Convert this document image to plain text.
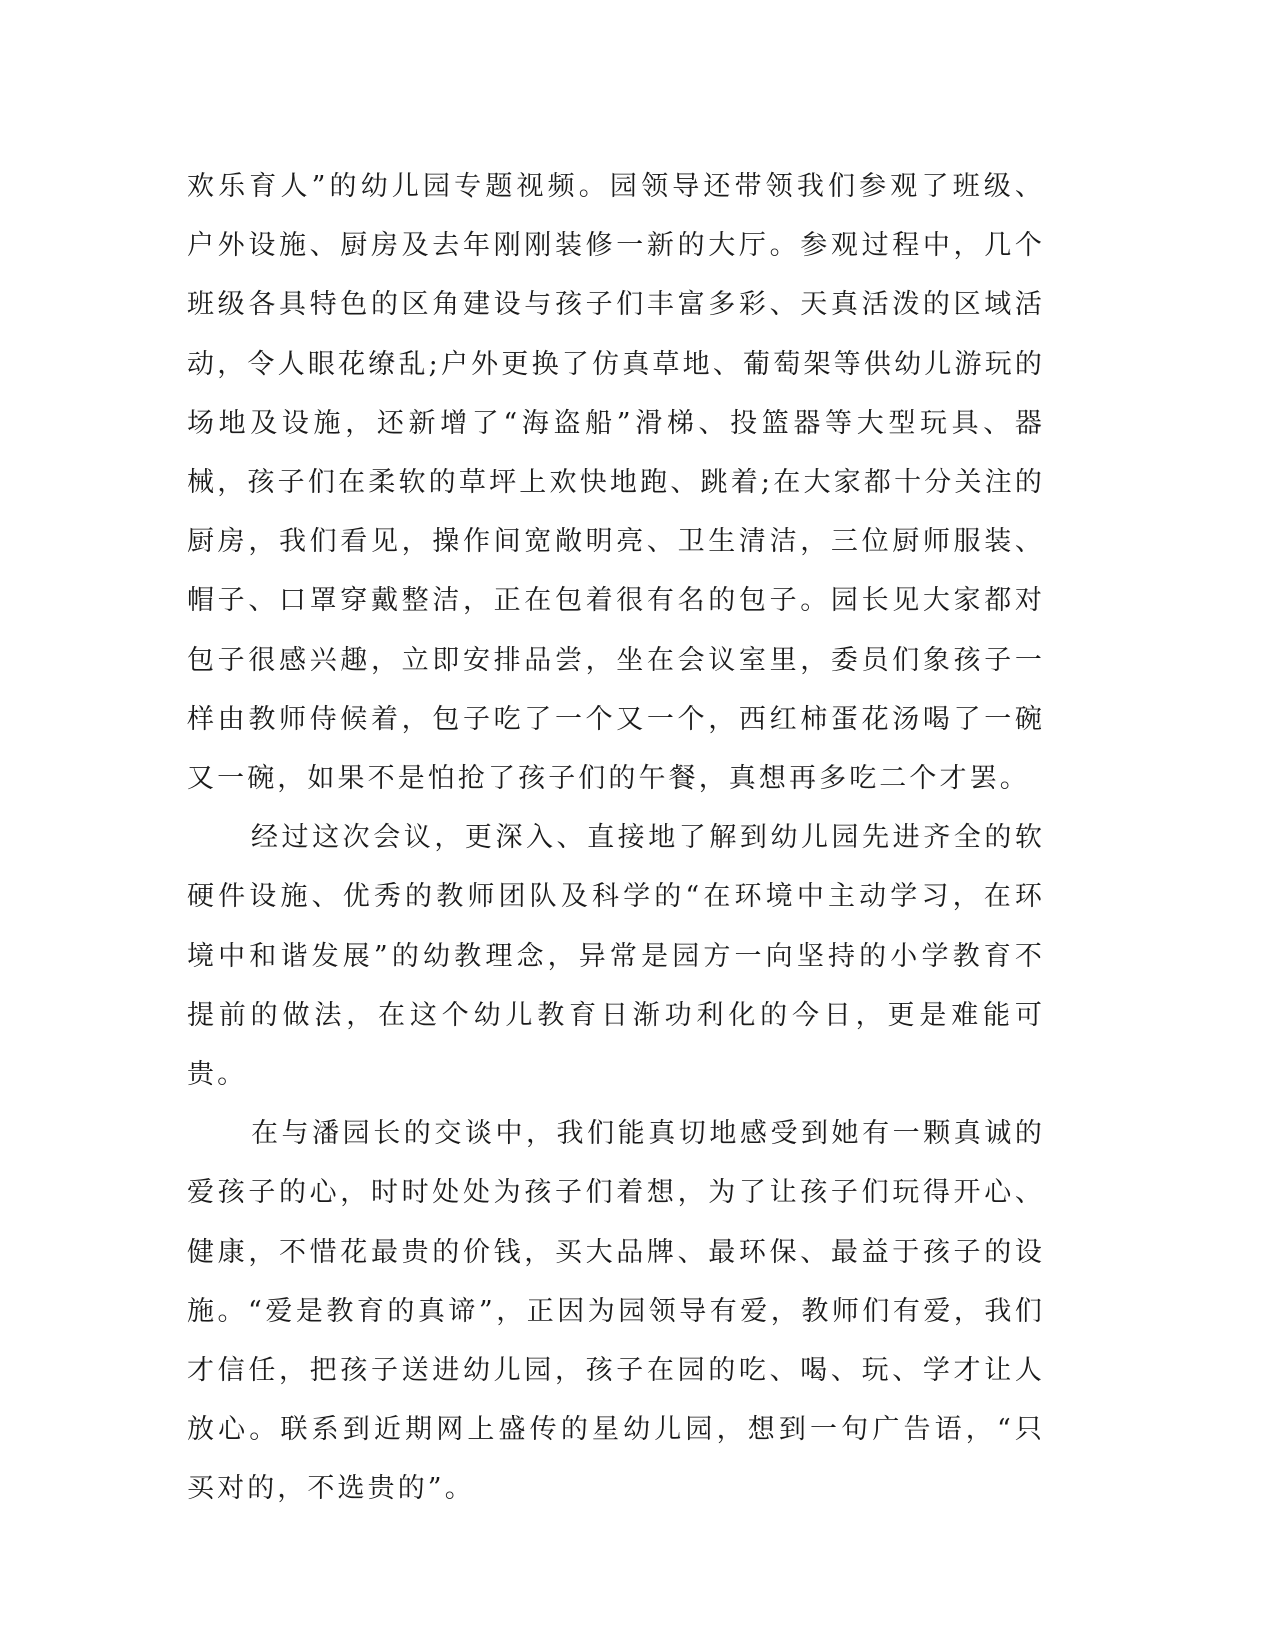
欢乐育人”的幼儿园专题视频。园领导还带领我们参观了班级、户外设施、厨房及去年刚刚装修一新的大厅。参观过程中，几个班级各具特色的区角建设与孩子们丰富多彩、天真活泼的区域活动，令人眼花缭乱;户外更换了仿真草地、葡萄架等供幼儿游玩的场地及设施，还新增了“海盗船”滑梯、投篮器等大型玩具、器械，孩子们在柔软的草坪上欢快地跑、跳着;在大家都十分关注的厨房，我们看见，操作间宽敞明亮、卫生清洁，三位厨师服装、帽子、口罩穿戴整洁，正在包着很有名的包子。园长见大家都对包子很感兴趣，立即安排品尝，坐在会议室里，委员们象孩子一样由教师侍候着，包子吃了一个又一个，西红柿蛋花汤喝了一碗又一碗，如果不是怕抢了孩子们的午餐，真想再多吃二个才罢。

经过这次会议，更深入、直接地了解到幼儿园先进齐全的软硬件设施、优秀的教师团队及科学的“在环境中主动学习，在环境中和谐发展”的幼教理念，异常是园方一向坚持的小学教育不提前的做法，在这个幼儿教育日渐功利化的今日，更是难能可贵。

在与潘园长的交谈中，我们能真切地感受到她有一颗真诚的爱孩子的心，时时处处为孩子们着想，为了让孩子们玩得开心、健康，不惜花最贵的价钱，买大品牌、最环保、最益于孩子的设施。“爱是教育的真谛”，正因为园领导有爱，教师们有爱，我们才信任，把孩子送进幼儿园，孩子在园的吃、喝、玩、学才让人放心。联系到近期网上盛传的星幼儿园，想到一句广告语，“只买对的，不选贵的”。
